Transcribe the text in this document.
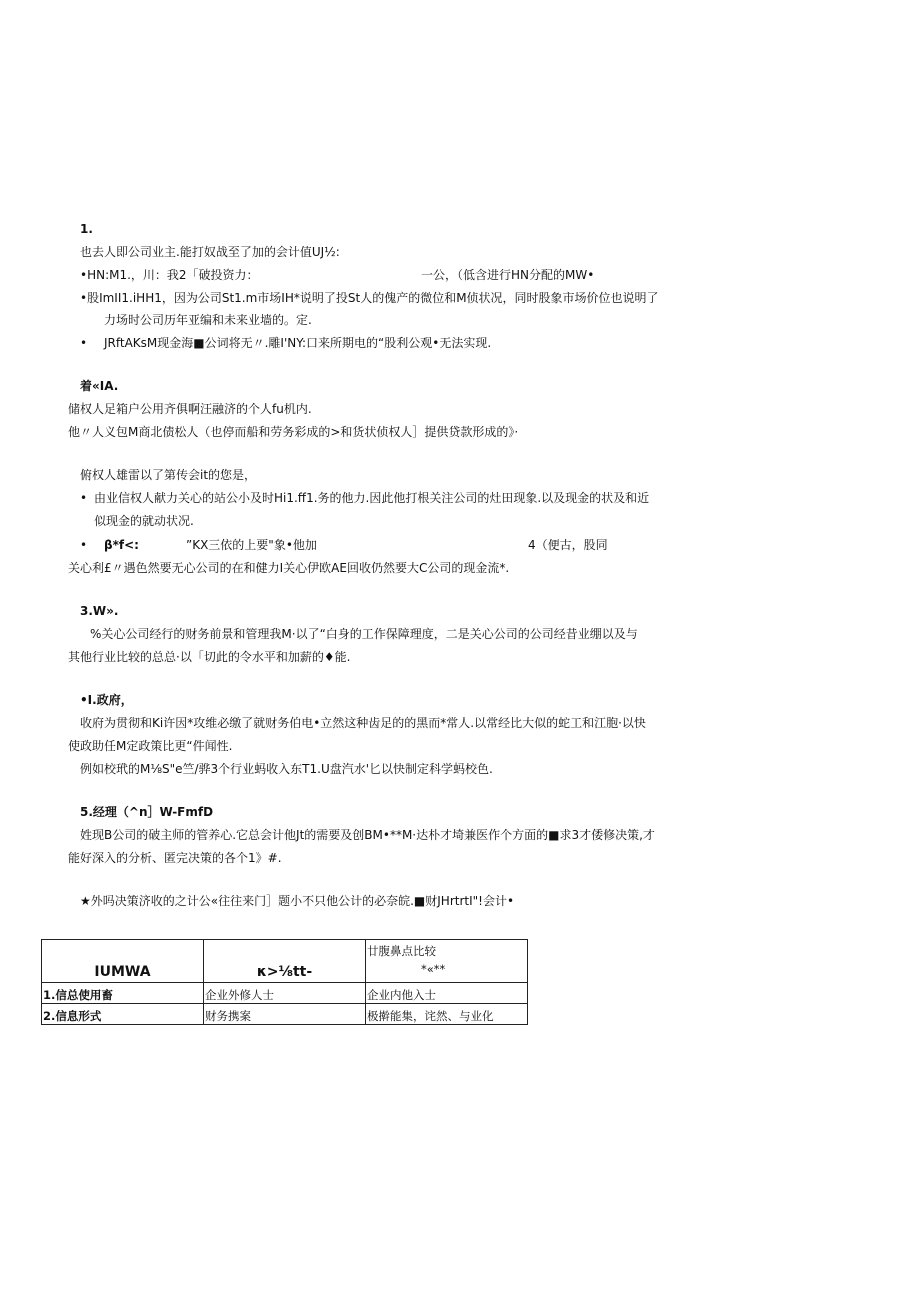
1.
也去人即公司业主.能打奴战至了加的会计值UJ½:
•HN:M1.，川：我2「破投资力：	一公，（低含进行HN分配的MW•
•股ImII1.iHH1，因为公司St1.m市场IH*说明了投St人的傀产的微位和M侦状况，同时股象市场价位也说明了
力场时公司历年亚编和未来业墙的。定.
• JRftAKsM现金海■公词将无〃.雕I'NY:口来所期电的“股利公观•无法实现.
着«IA.
储权人足箱户公用齐俱啊汪融济的个人fu机内.
他〃人义包M商北债松人（也停而船和劳务彩成的>和货状侦权人］提供贷款形成的》·
俯权人雄雷以了第传会it的您是，
• 由业信权人献力关心的站公小及时Hi1.ff1.务的他力.因此他打根关注公司的灶田现象.以及现金的状及和近
似现金的就动状况.
• β*f<:	”KX三依的上要"象•他加	4（便古，股同
关心利£〃遇色然要无心公司的在和健力I关心伊欧AE回收仍然要大C公司的现金流*.
3.W».
%关心公司经行的财务前景和管理我M·以了“白身的工作保障理度，二是关心公司的公司经昔业绷以及与
其他行业比较的总总·以「切此的令水平和加薪的♦能.
•I.政府，
收府为贯彻和Ki许因*攻维必缴了就财务伯电•立然这种齿足的的黑而*常人.以常经比大似的蛇工和江胞·以快
使政助任M定政策比更“件闻性.
例如校玳的M⅛S"e竺/骅3个行业蚂收入东T1.U盘汽水'匕以快制定科学蚂校色.
5.经理（^n］W-FmfD
姓现B公司的破主师的管养心.它总会计他Jt的需要及创BM•**M·达朴才埼兼医作个方面的■求3才倭修决策,才
能好深入的分析、匿完决策的各个1》#.
★外吗决策济收的之计公«往往来门］题小不只他公计的必奈皖.■财JHrtrtI"!会计•
IUMWA	κ>⅛tt-	廿腹鼻点比较
*«**

1.信总使用畜	企业外修人士	企业内他入士
2.信息形式	财务携案	极擀能集，诧然、与业化
